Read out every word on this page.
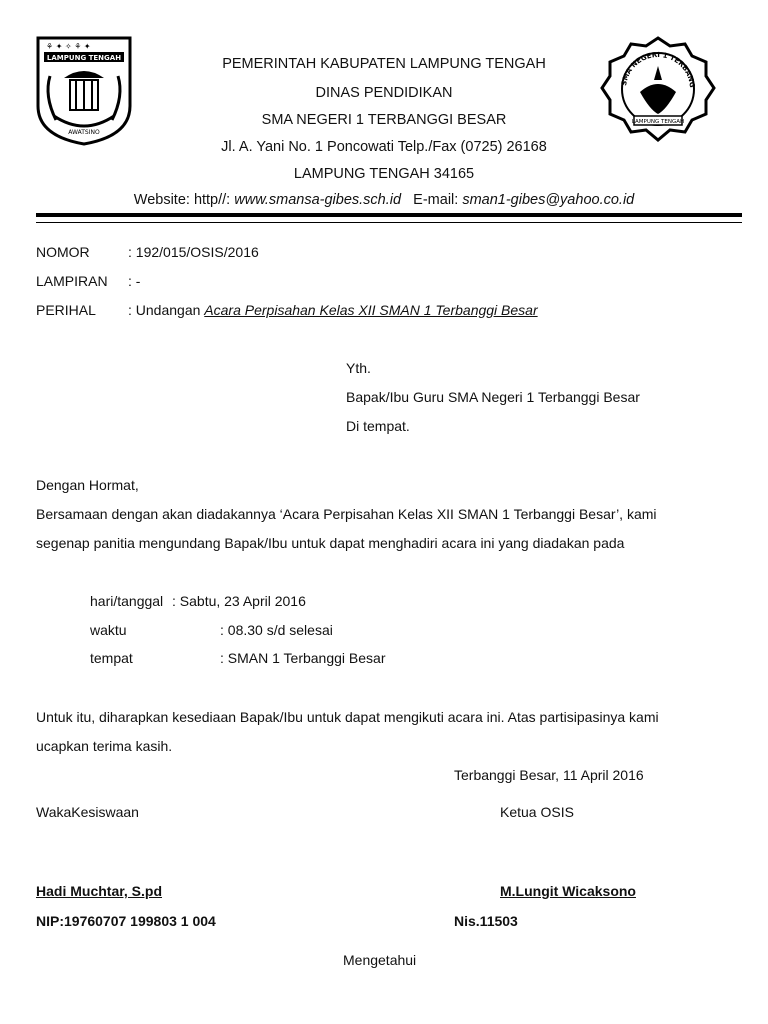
⚘ ✦ ✧ ⚘ ✦
LAMPUNG TENGAH
AWATSINO
SMA NEGERI 1 TERBANG
LAMPUNG TENGAH
PEMERINTAH KABUPATEN LAMPUNG TENGAH
DINAS PENDIDIKAN
SMA NEGERI 1 TERBANGGI BESAR
Jl. A. Yani No. 1 Poncowati Telp./Fax (0725) 26168
LAMPUNG TENGAH 34165
Website: http//: www.smansa-gibes.sch.id E-mail: sman1-gibes@yahoo.co.id
NOMOR	: 192/015/OSIS/2016
LAMPIRAN : -
PERIHAL : Undangan Acara Perpisahan Kelas XII SMAN 1 Terbanggi Besar
Yth.
Bapak/Ibu Guru SMA Negeri 1 Terbanggi Besar
Di tempat.
Dengan Hormat,
Bersamaan dengan akan diadakannya ‘Acara Perpisahan Kelas XII SMAN 1 Terbanggi Besar’, kami
segenap panitia mengundang Bapak/Ibu untuk dapat menghadiri acara ini yang diadakan pada
hari/tanggal : Sabtu, 23 April 2016
waktu	: 08.30 s/d selesai
tempat	: SMAN 1 Terbanggi Besar
Untuk itu, diharapkan kesediaan Bapak/Ibu untuk dapat mengikuti acara ini. Atas partisipasinya kami
ucapkan terima kasih.
Terbanggi Besar, 11 April 2016
WakaKesiswaan	Ketua OSIS
Hadi Muchtar, S.pd	M.Lungit Wicaksono
NIP:19760707 199803 1 004	Nis.11503
Mengetahui
